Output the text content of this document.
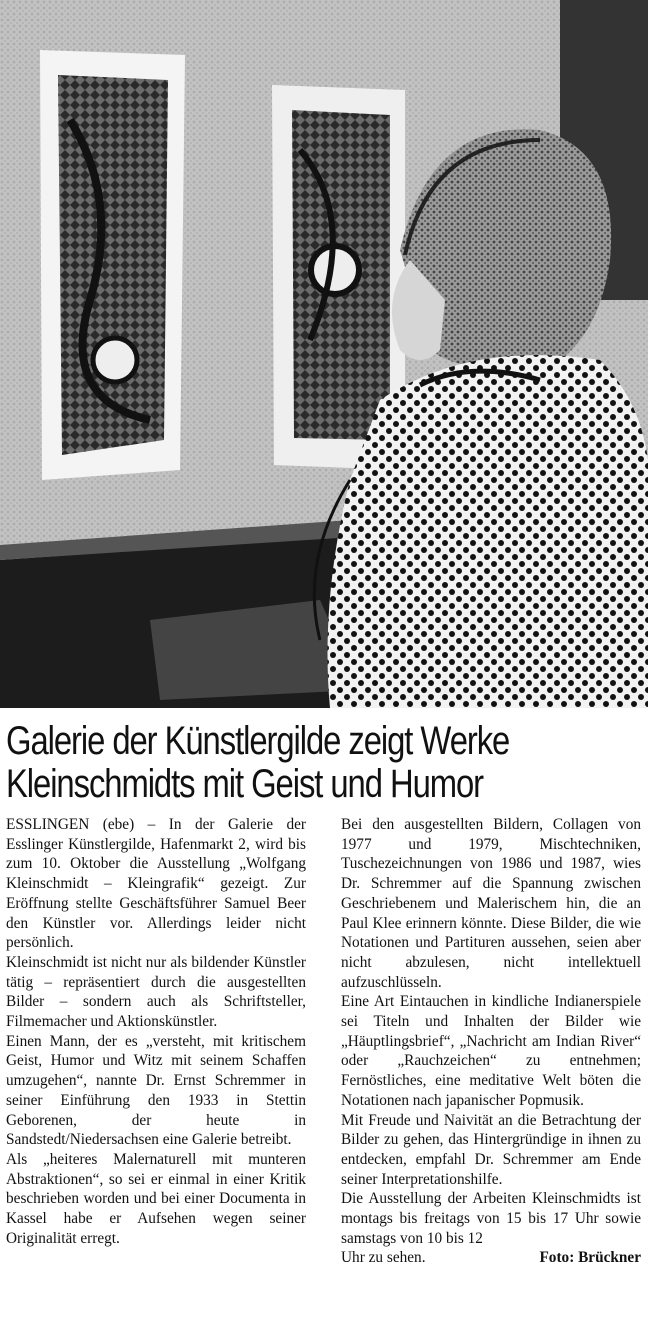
Galerie der Künstlergilde zeigt Werke
Kleinschmidts mit Geist und Humor

ESSLINGEN (ebe) – In der Galerie der Esslinger Künstlergilde, Hafenmarkt 2, wird bis zum 10. Oktober die Ausstellung „Wolfgang Kleinschmidt – Kleingrafik“ gezeigt. Zur Eröffnung stellte Geschäftsführer Samuel Beer den Künstler vor. Allerdings leider nicht persönlich.

Kleinschmidt ist nicht nur als bildender Künstler tätig – repräsentiert durch die ausgestellten Bilder – sondern auch als Schriftsteller, Filmemacher und Aktionskünstler.

Einen Mann, der es „versteht, mit kritischem Geist, Humor und Witz mit seinem Schaffen umzugehen“, nannte Dr. Ernst Schremmer in seiner Einführung den 1933 in Stettin Geborenen, der heute in Sandstedt/Niedersachsen eine Galerie betreibt.

Als „heiteres Malernaturell mit munteren Abstraktionen“, so sei er einmal in einer Kritik beschrieben worden und bei einer Documenta in Kassel habe er Aufsehen wegen seiner Originalität erregt.

Bei den ausgestellten Bildern, Collagen von 1977 und 1979, Mischtechniken, Tuschezeichnungen von 1986 und 1987, wies Dr. Schremmer auf die Spannung zwischen Geschriebenem und Malerischem hin, die an Paul Klee erinnern könnte. Diese Bilder, die wie Notationen und Partituren aussehen, seien aber nicht abzulesen, nicht intellektuell aufzuschlüsseln.

Eine Art Eintauchen in kindliche Indianerspiele sei Titeln und Inhalten der Bilder wie „Häuptlingsbrief“, „Nachricht am Indian River“ oder „Rauchzeichen“ zu entnehmen; Fernöstliches, eine meditative Welt böten die Notationen nach japanischer Popmusik.

Mit Freude und Naivität an die Betrachtung der Bilder zu gehen, das Hintergründige in ihnen zu entdecken, empfahl Dr. Schremmer am Ende seiner Interpretationshilfe.

Die Ausstellung der Arbeiten Kleinschmidts ist montags bis freitags von 15 bis 17 Uhr sowie samstags von 10 bis 12

Uhr zu sehen.	Foto: Brückner
